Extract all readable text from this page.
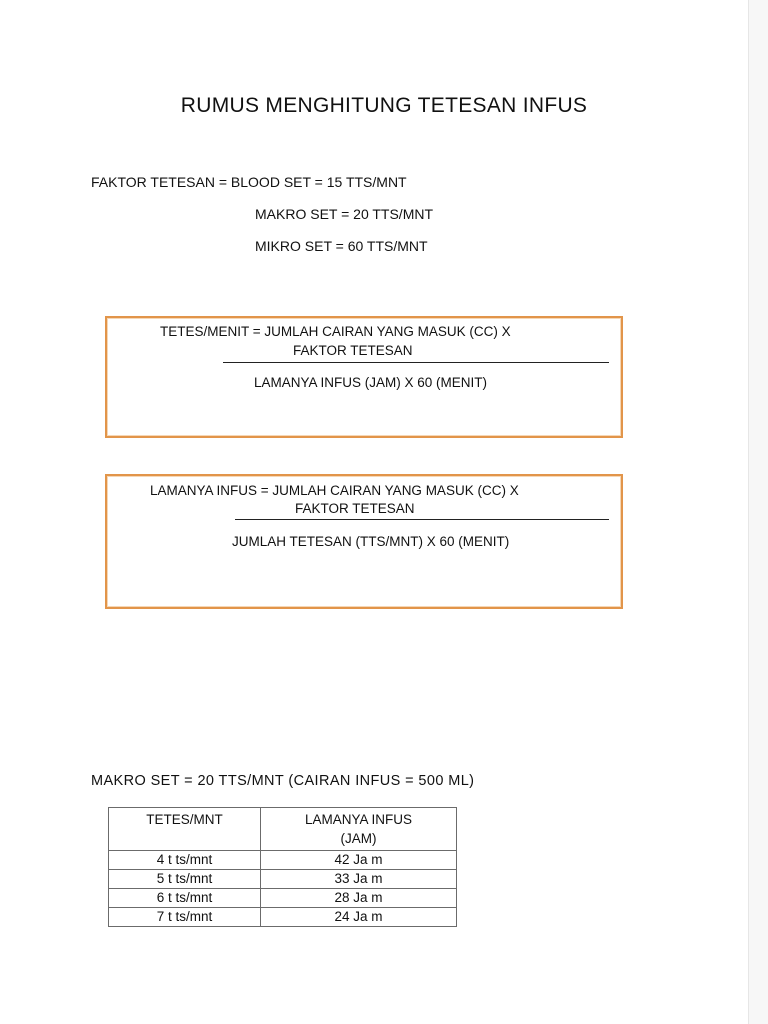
RUMUS MENGHITUNG TETESAN INFUS
FAKTOR TETESAN = BLOOD SET = 15 TTS/MNT
MAKRO SET = 20 TTS/MNT
MIKRO SET = 60 TTS/MNT
TETES/MENIT = JUMLAH CAIRAN YANG MASUK (CC) X
FAKTOR TETESAN
LAMANYA INFUS (JAM) X 60 (MENIT)
LAMANYA INFUS = JUMLAH CAIRAN YANG MASUK (CC) X
FAKTOR TETESAN
JUMLAH TETESAN (TTS/MNT) X 60 (MENIT)
MAKRO SET = 20 TTS/MNT (CAIRAN INFUS = 500 ML)
TETES/MNT	LAMANYA INFUS (JAM)
4 t ts/mnt	42 Ja m
5 t ts/mnt	33 Ja m
6 t ts/mnt	28 Ja m
7 t ts/mnt	24 Ja m
